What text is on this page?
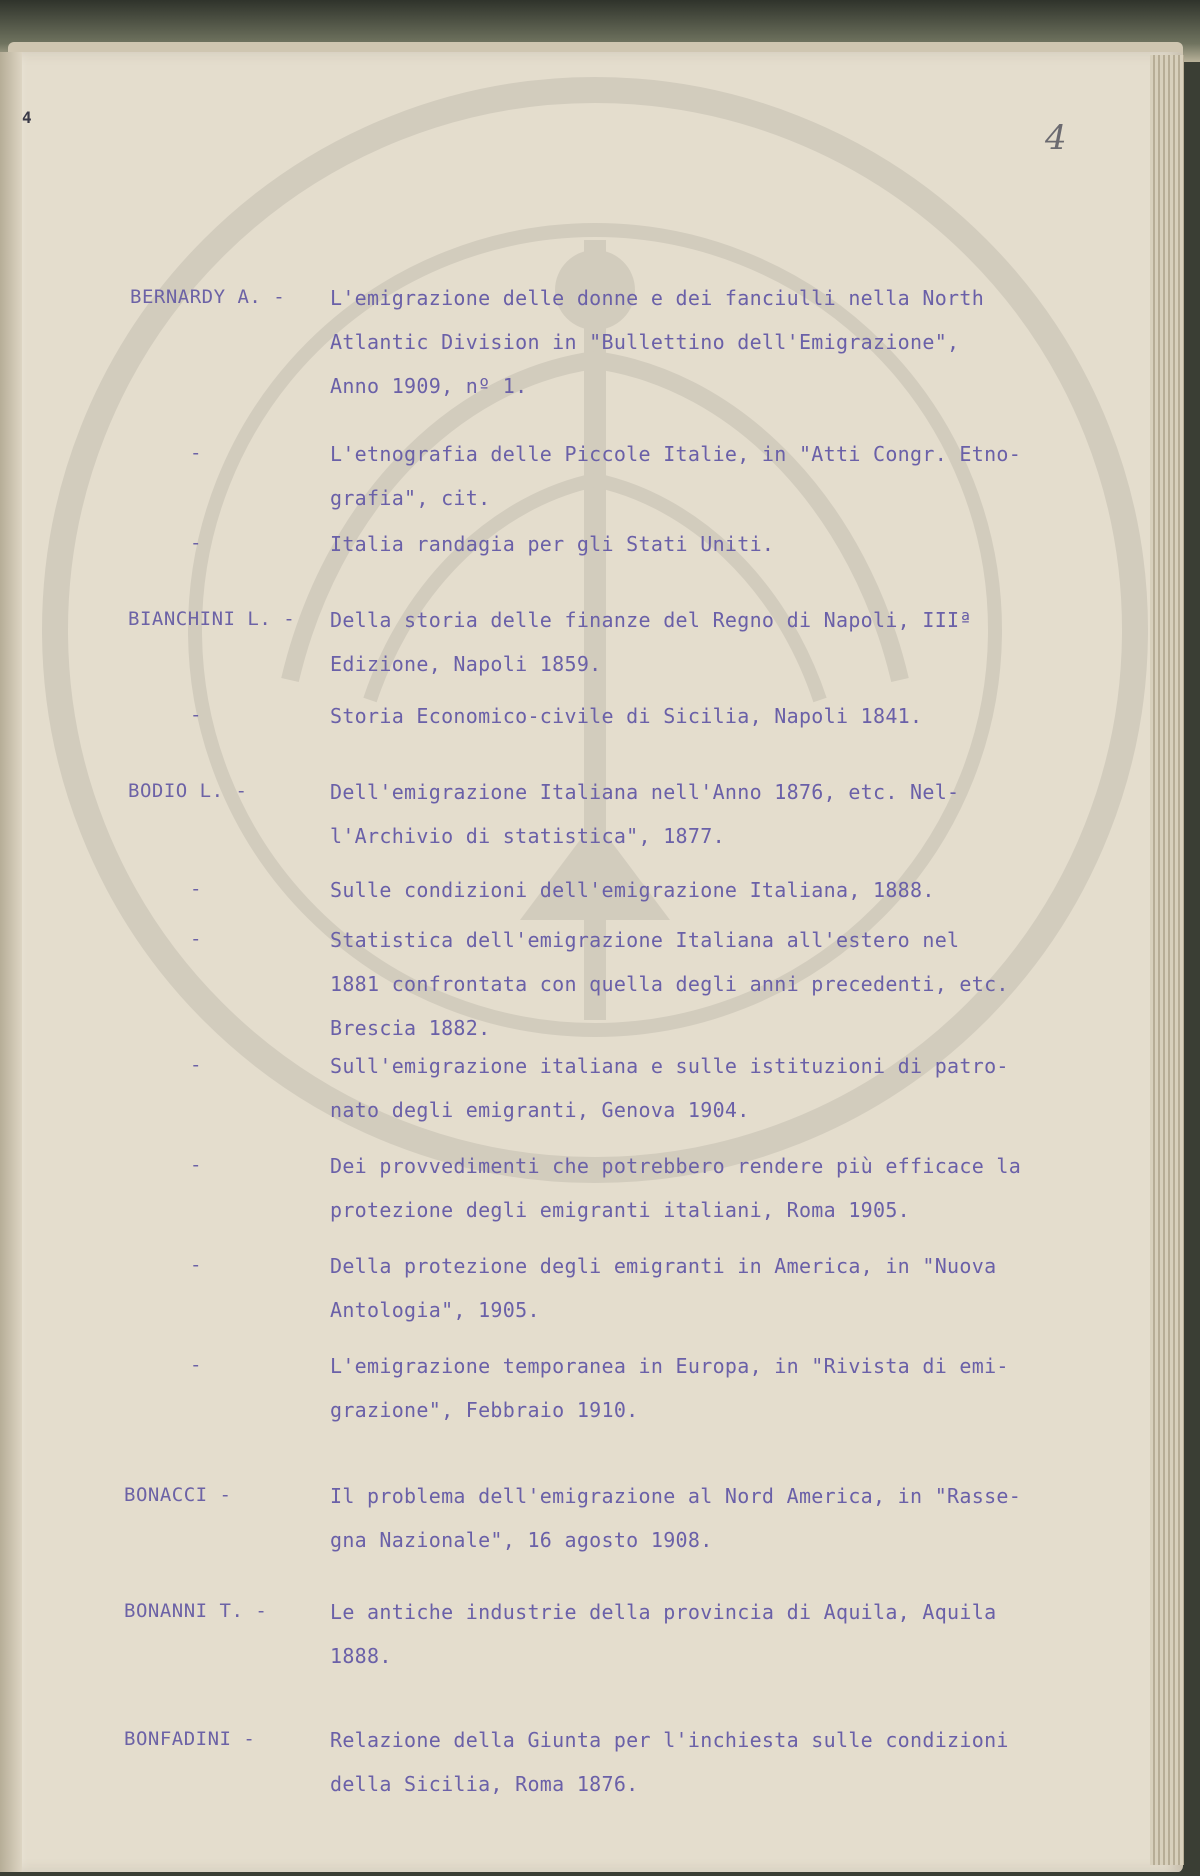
4
4
BERNARDY A. - L'emigrazione delle donne e dei fanciulli nella North
Atlantic Division in "Bullettino dell'Emigrazione",
Anno 1909, nº 1.
-	L'etnografia delle Piccole Italie, in "Atti Congr. Etno-
grafia", cit.
-	Italia randagia per gli Stati Uniti.
BIANCHINI L. - Della storia delle finanze del Regno di Napoli, IIIª
Edizione, Napoli 1859.
-	Storia Economico-civile di Sicilia, Napoli 1841.
BODIO L. -	Dell'emigrazione Italiana nell'Anno 1876, etc. Nel-
l'Archivio di statistica", 1877.
-	Sulle condizioni dell'emigrazione Italiana, 1888.
-	Statistica dell'emigrazione Italiana all'estero nel
1881 confrontata con quella degli anni precedenti, etc.
Brescia 1882.
-	Sull'emigrazione italiana e sulle istituzioni di patro-
nato degli emigranti, Genova 1904.
-	Dei provvedimenti che potrebbero rendere più efficace la
protezione degli emigranti italiani, Roma 1905.
-	Della protezione degli emigranti in America, in "Nuova
Antologia", 1905.
-	L'emigrazione temporanea in Europa, in "Rivista di emi-
grazione", Febbraio 1910.
BONACCI -	Il problema dell'emigrazione al Nord America, in "Rasse-
gna Nazionale", 16 agosto 1908.
BONANNI T. -	Le antiche industrie della provincia di Aquila, Aquila
1888.
BONFADINI -	Relazione della Giunta per l'inchiesta sulle condizioni
della Sicilia, Roma 1876.
